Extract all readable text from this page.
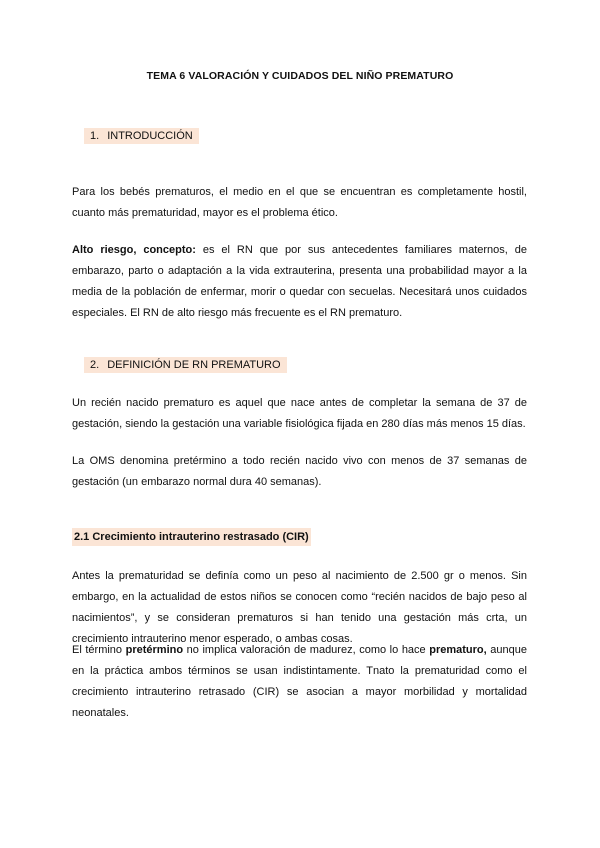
TEMA 6 VALORACIÓN Y CUIDADOS DEL NIÑO PREMATURO
1. INTRODUCCIÓN

Para los bebés prematuros, el medio en el que se encuentran es completamente hostil, cuanto más prematuridad, mayor es el problema ético.

Alto riesgo, concepto: es el RN que por sus antecedentes familiares maternos, de embarazo, parto o adaptación a la vida extrauterina, presenta una probabilidad mayor a la media de la población de enfermar, morir o quedar con secuelas. Necesitará unos cuidados especiales. El RN de alto riesgo más frecuente es el RN prematuro.

2. DEFINICIÓN DE RN PREMATURO

Un recién nacido prematuro es aquel que nace antes de completar la semana de 37 de gestación, siendo la gestación una variable fisiológica fijada en 280 días más menos 15 días.

La OMS denomina pretérmino a todo recién nacido vivo con menos de 37 semanas de gestación (un embarazo normal dura 40 semanas).

2.1 Crecimiento intrauterino restrasado (CIR)

Antes la prematuridad se definía como un peso al nacimiento de 2.500 gr o menos. Sin embargo, en la actualidad de estos niños se conocen como “recién nacidos de bajo peso al nacimientos”, y se consideran prematuros si han tenido una gestación más crta, un crecimiento intrauterino menor esperado, o ambas cosas.

El término pretérmino no implica valoración de madurez, como lo hace prematuro, aunque en la práctica ambos términos se usan indistintamente. Tnato la prematuridad como el crecimiento intrauterino retrasado (CIR) se asocian a mayor morbilidad y mortalidad neonatales.
